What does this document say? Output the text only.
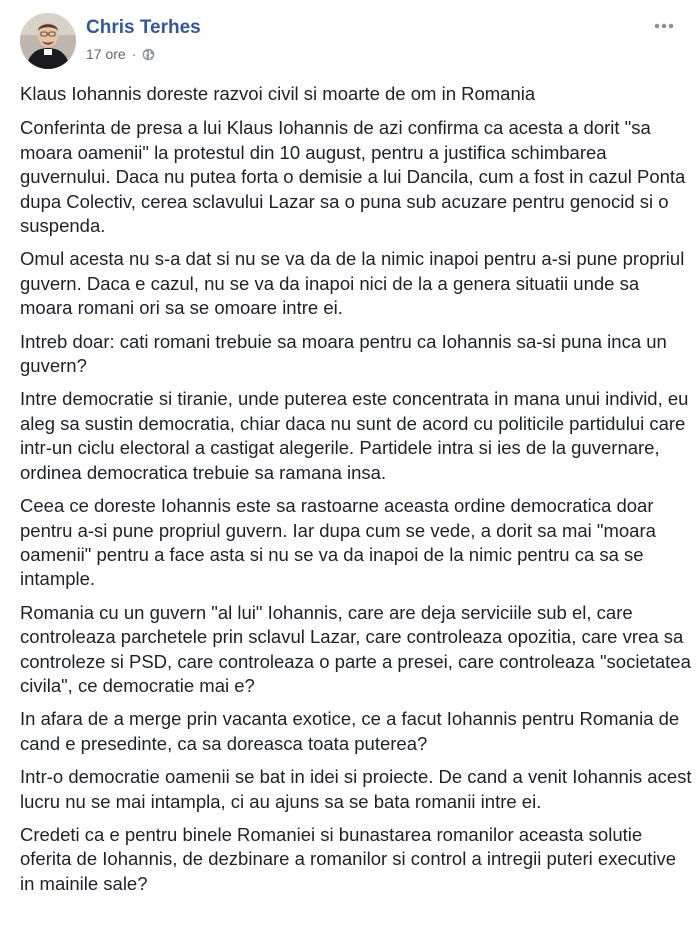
Chris Terhes
17 ore ·

Klaus Iohannis doreste razvoi civil si moarte de om in Romania

Conferinta de presa a lui Klaus Iohannis de azi confirma ca acesta a dorit "sa moara oamenii" la protestul din 10 august, pentru a justifica schimbarea guvernului. Daca nu putea forta o demisie a lui Dancila, cum a fost in cazul Ponta dupa Colectiv, cerea sclavului Lazar sa o puna sub acuzare pentru genocid si o suspenda.

Omul acesta nu s-a dat si nu se va da de la nimic inapoi pentru a-si pune propriul guvern. Daca e cazul, nu se va da inapoi nici de la a genera situatii unde sa moara romani ori sa se omoare intre ei.

Intreb doar: cati romani trebuie sa moara pentru ca Iohannis sa-si puna inca un guvern?

Intre democratie si tiranie, unde puterea este concentrata in mana unui individ, eu aleg sa sustin democratia, chiar daca nu sunt de acord cu politicile partidului care intr-un ciclu electoral a castigat alegerile. Partidele intra si ies de la guvernare, ordinea democratica trebuie sa ramana insa.

Ceea ce doreste Iohannis este sa rastoarne aceasta ordine democratica doar pentru a-si pune propriul guvern. Iar dupa cum se vede, a dorit sa mai "moara oamenii" pentru a face asta si nu se va da inapoi de la nimic pentru ca sa se intample.

Romania cu un guvern "al lui" Iohannis, care are deja serviciile sub el, care controleaza parchetele prin sclavul Lazar, care controleaza opozitia, care vrea sa controleze si PSD, care controleaza o parte a presei, care controleaza "societatea civila", ce democratie mai e?

In afara de a merge prin vacanta exotice, ce a facut Iohannis pentru Romania de cand e presedinte, ca sa doreasca toata puterea?

Intr-o democratie oamenii se bat in idei si proiecte. De cand a venit Iohannis acest lucru nu se mai intampla, ci au ajuns sa se bata romanii intre ei.

Credeti ca e pentru binele Romaniei si bunastarea romanilor aceasta solutie oferita de Iohannis, de dezbinare a romanilor si control a intregii puteri executive in mainile sale?
